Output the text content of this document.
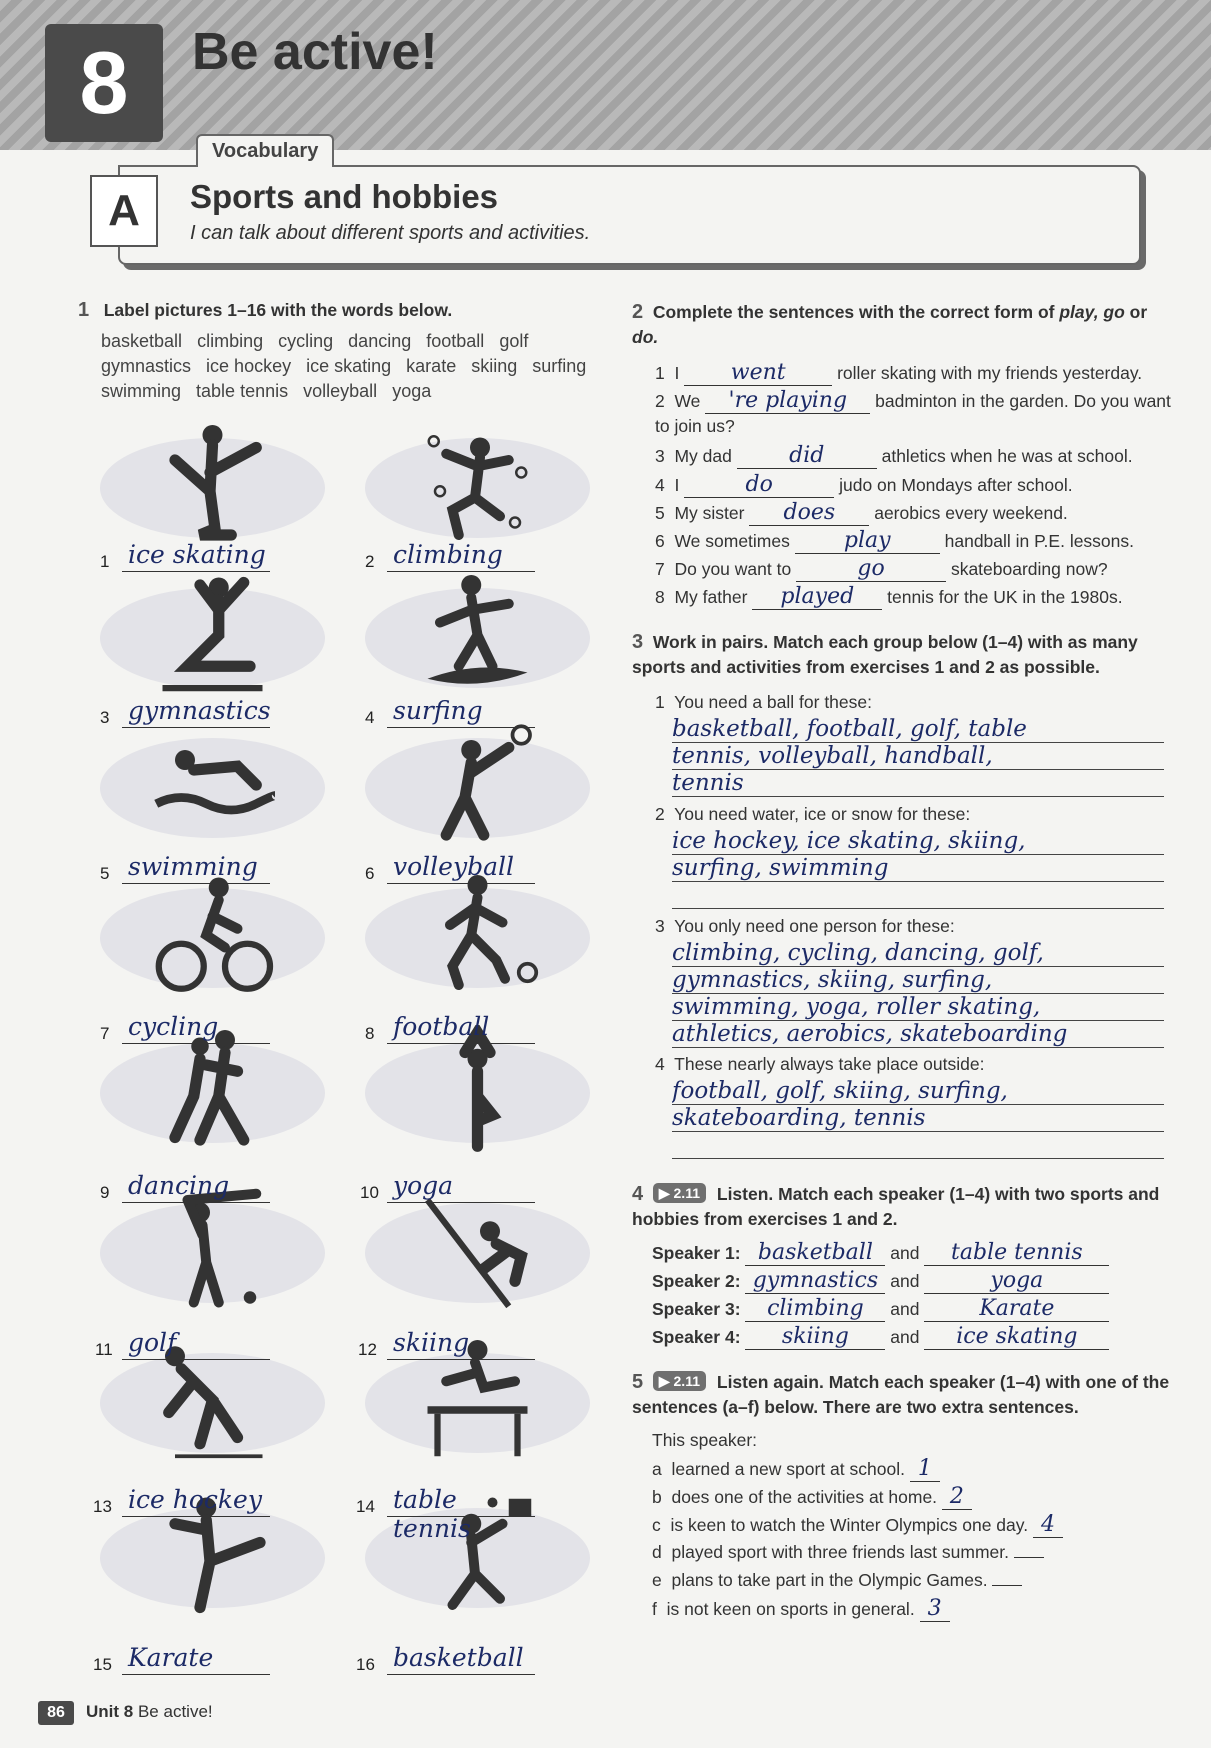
8	Be active!
Vocabulary
A	Sports and hobbies
I can talk about different sports and activities.
1 Label pictures 1–16 with the words below.
basketball climbing cycling dancing football golf
gymnastics ice hockey ice skating karate skiing surfing
swimming table tennis volleyball yoga
1 ice skating	2 climbing
3 gymnastics	4 surfing
5 swimming	6 volleyball
7 cycling	8 football
9 dancing	10 yoga
11 golf	12 skiing
13 ice hockey	14 table tennis
15 Karate	16 basketball
2 Complete the sentences with the correct form of play, go or do.
1 I went	roller skating with my friends yesterday.
2 We 're playing badminton in the garden. Do you want to join us?
3 My dad	did	athletics when he was at school.
4 I	do	judo on Mondays after school.
5 My sister does aerobics every weekend.
6 We sometimes play	handball in P.E. lessons.
7 Do you want to	go	skateboarding now?
8 My father played tennis for the UK in the 1980s.
3 Work in pairs. Match each group below (1–4) with as many sports and activities from exercises 1 and 2 as possible.
1 You need a ball for these:
basketball, football, golf, table
tennis, volleyball, handball,
tennis
2 You need water, ice or snow for these:
ice hockey, ice skating, skiing,
surfing, swimming
3 You only need one person for these:
climbing, cycling, dancing, golf,
gymnastics, skiing, surfing,
swimming, yoga, roller skating,
athletics, aerobics, skateboarding
4 These nearly always take place outside:
football, golf, skiing, surfing,
skateboarding, tennis
4 ▶ 2.11 Listen. Match each speaker (1–4) with two sports and hobbies from exercises 1 and 2.
Speaker 1: basketball and table tennis
Speaker 2: gymnastics and	yoga
Speaker 3: climbing and	Karate
Speaker 4: skiing and ice skating
5 ▶ 2.11 Listen again. Match each speaker (1–4) with one of the sentences (a–f) below. There are two extra sentences.
This speaker:
a learned a new sport at school. 1
b does one of the activities at home. 2
c is keen to watch the Winter Olympics one day. 4
d played sport with three friends last summer.
e plans to take part in the Olympic Games.
f is not keen on sports in general. 3
86	Unit 8 Be active!
